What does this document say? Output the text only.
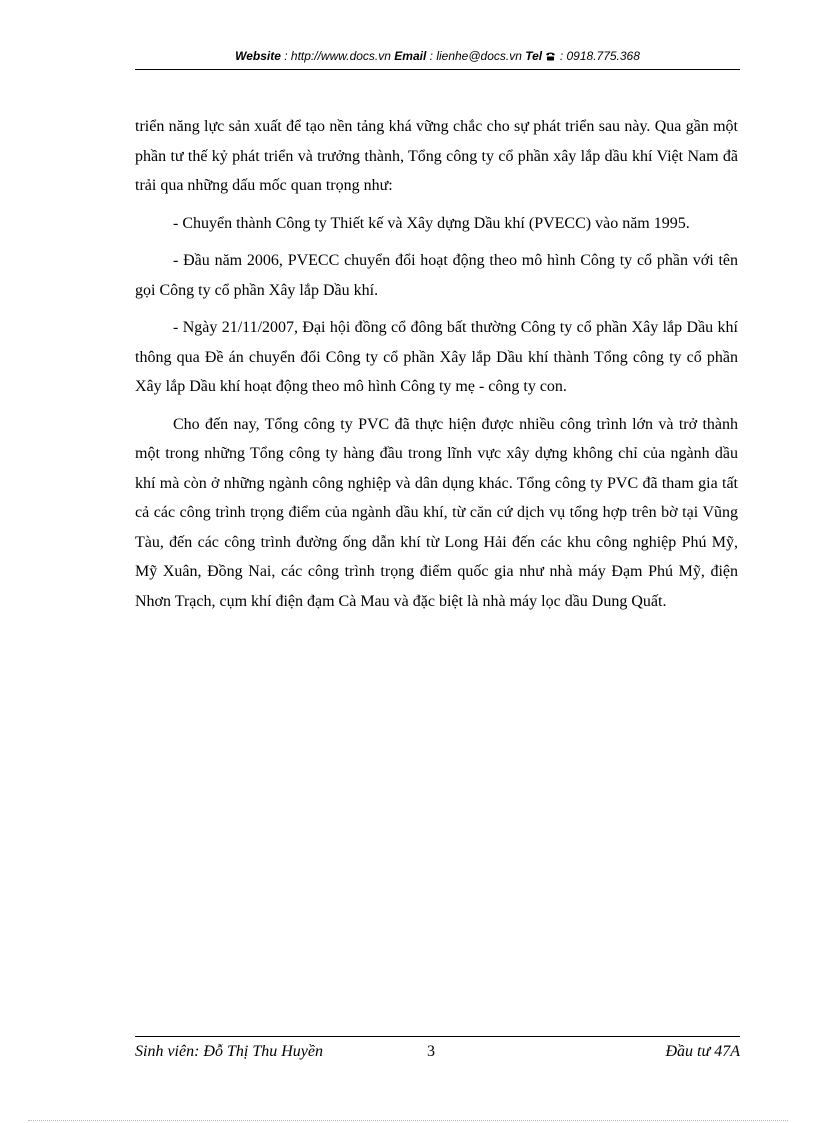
Website : http://www.docs.vn Email : lienhe@docs.vn Tel  : 0918.775.368

triển năng lực sản xuất để tạo nền tảng khá vững chắc cho sự phát triển sau này. Qua gần một phần tư thế kỷ phát triển và trưởng thành, Tổng công ty cổ phần xây lắp dầu khí Việt Nam đã trải qua những dấu mốc quan trọng như:

- Chuyển thành Công ty Thiết kế và Xây dựng Dầu khí (PVECC) vào năm 1995.

- Đầu năm 2006, PVECC chuyển đổi hoạt động theo mô hình Công ty cổ phần với tên gọi Công ty cổ phần Xây lắp Dầu khí.

- Ngày 21/11/2007, Đại hội đồng cổ đông bất thường Công ty cổ phần Xây lắp Dầu khí thông qua Đề án chuyển đổi Công ty cổ phần Xây lắp Dầu khí thành Tổng công ty cổ phần Xây lắp Dầu khí hoạt động theo mô hình Công ty mẹ - công ty con.

Cho đến nay, Tổng công ty PVC đã thực hiện được nhiều công trình lớn và trở thành một trong những Tổng công ty hàng đầu trong lĩnh vực xây dựng không chỉ của ngành dầu khí mà còn ở những ngành công nghiệp và dân dụng khác. Tổng công ty PVC đã tham gia tất cả các công trình trọng điểm của ngành dầu khí, từ căn cứ dịch vụ tổng hợp trên bờ tại Vũng Tàu, đến các công trình đường ống dẫn khí từ Long Hải đến các khu công nghiệp Phú Mỹ, Mỹ Xuân, Đồng Nai, các công trình trọng điểm quốc gia như nhà máy Đạm Phú Mỹ, điện Nhơn Trạch, cụm khí điện đạm Cà Mau và đặc biệt là nhà máy lọc dầu Dung Quất.

Sinh viên: Đỗ Thị Thu Huyền	3	Đầu tư 47A
